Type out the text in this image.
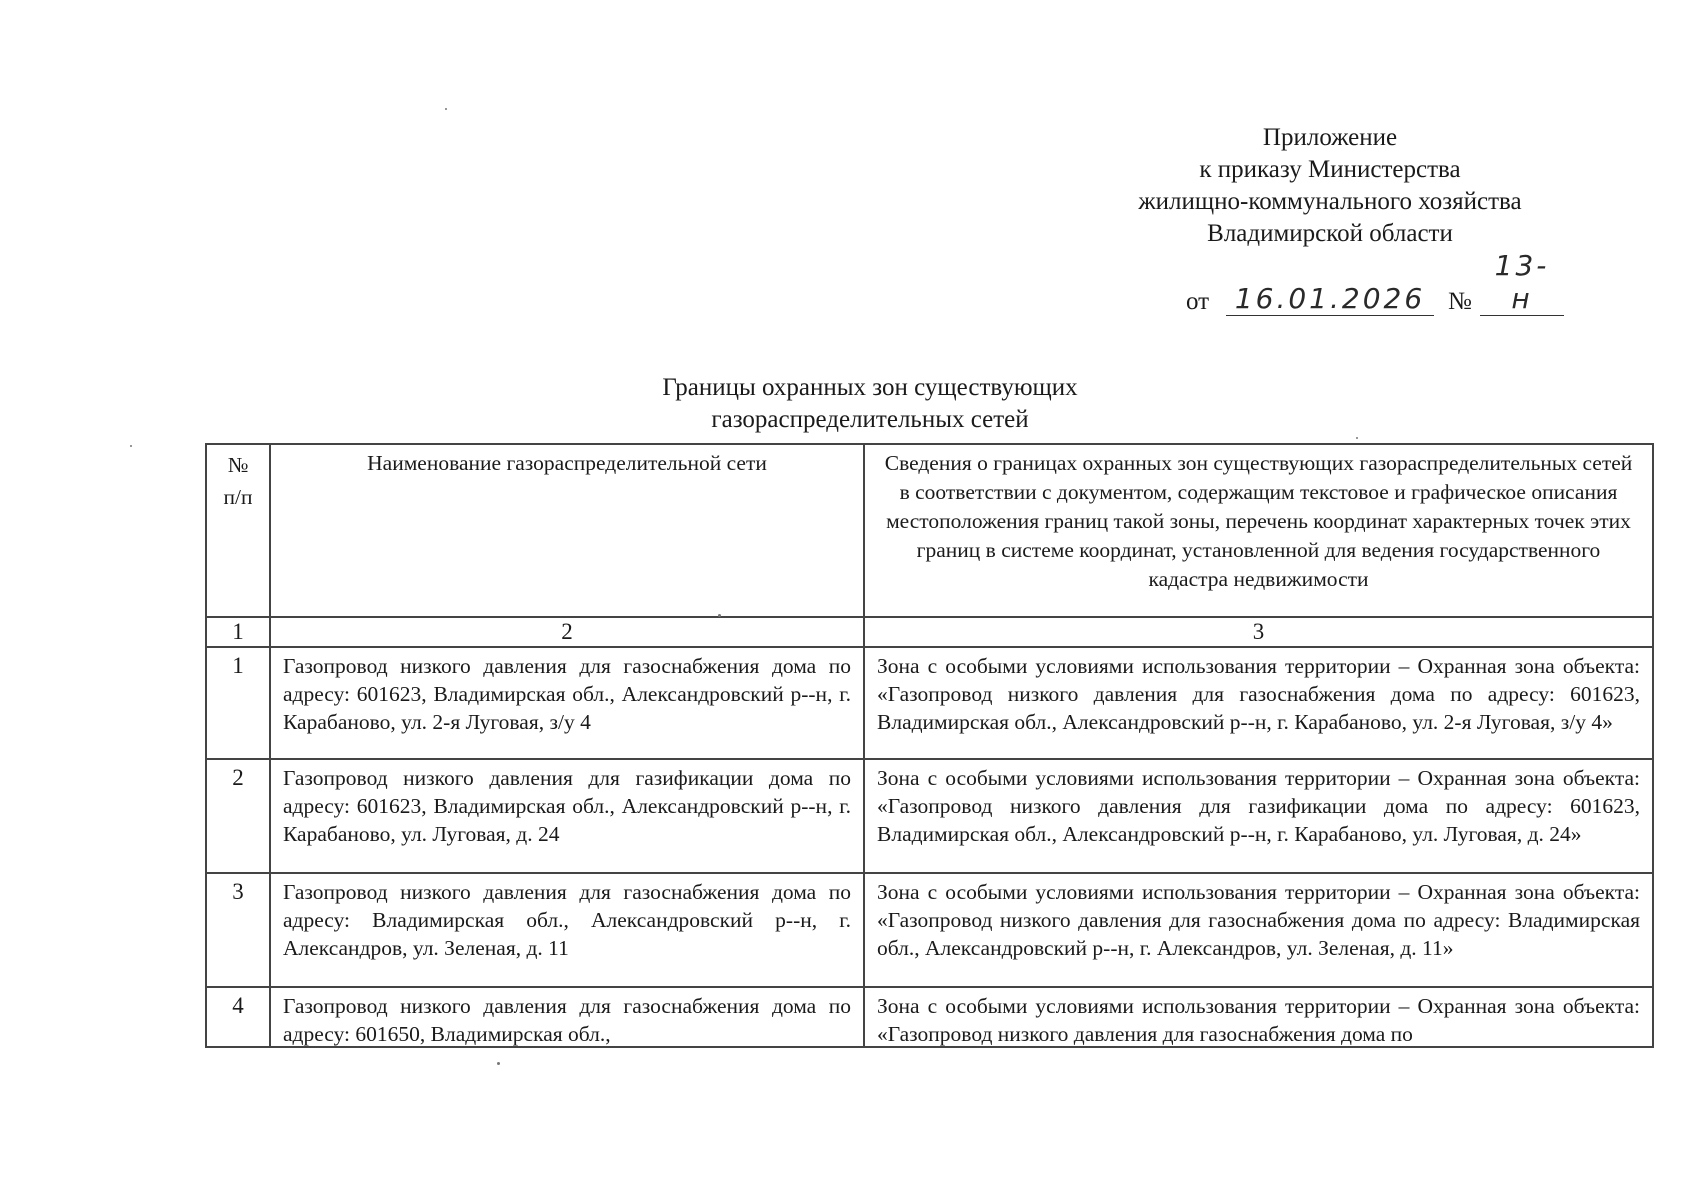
Приложение
к приказу Министерства
жилищно-коммунального хозяйства
Владимирской области
от 16.01.2026 №
13-н
Границы охранных зон существующих
газораспределительных сетей
№ п/п	Наименование газораспределительной сети	Сведения о границах охранных зон существующих газораспределительных сетей в соответствии с документом, содержащим текстовое и графическое описания местоположения границ такой зоны, перечень координат характерных точек этих границ в системе координат, установленной для ведения государственного кадастра недвижимости
1	2	3
1	Газопровод низкого давления для газоснабжения дома по адресу: 601623, Владимирская обл., Александровский р--н, г. Карабаново, ул. 2-я Луговая, з/у 4	Зона с особыми условиями использования территории – Охранная зона объекта: «Газопровод низкого давления для газоснабжения дома по адресу: 601623, Владимирская обл., Александровский р--н, г. Карабаново, ул. 2-я Луговая, з/у 4»
2	Газопровод низкого давления для газификации дома по адресу: 601623, Владимирская обл., Александровский р--н, г. Карабаново, ул. Луговая, д. 24	Зона с особыми условиями использования территории – Охранная зона объекта: «Газопровод низкого давления для газификации дома по адресу: 601623, Владимирская обл., Александровский р--н, г. Карабаново, ул. Луговая, д. 24»
3	Газопровод низкого давления для газоснабжения дома по адресу: Владимирская обл., Александровский р--н, г. Александров, ул. Зеленая, д. 11	Зона с особыми условиями использования территории – Охранная зона объекта: «Газопровод низкого давления для газоснабжения дома по адресу: Владимирская обл., Александровский р--н, г. Александров, ул. Зеленая, д. 11»
4	Газопровод низкого давления для газоснабжения дома по адресу: 601650, Владимирская обл.,	Зона с особыми условиями использования территории – Охранная зона объекта: «Газопровод низкого давления для газоснабжения дома по
